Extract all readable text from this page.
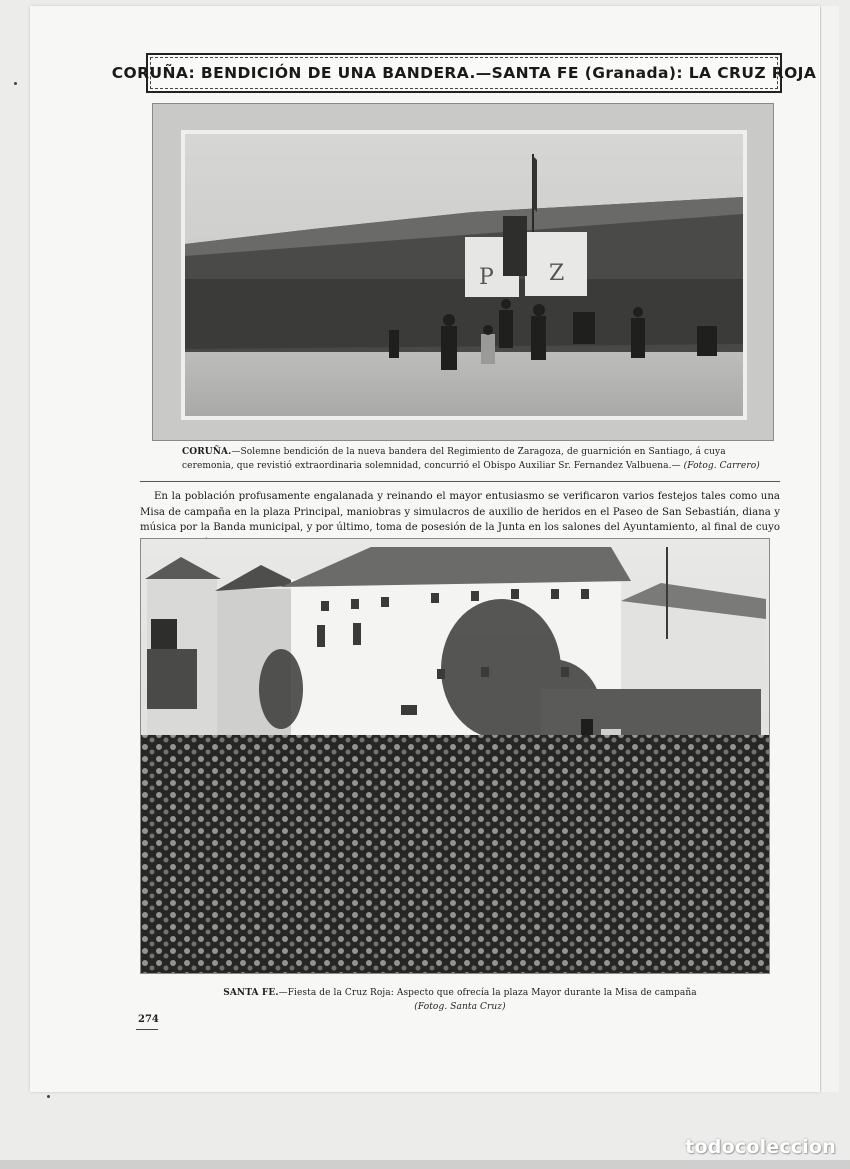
CORUÑA: BENDICIÓN DE UNA BANDERA.—SANTA FE (Granada): LA CRUZ ROJA
P	Z
CORUÑA.—Solemne bendición de la nueva bandera del Regimiento de Zaragoza, de guarnición en Santiago, á cuya
ceremonia, que revistió extraordinaria solemnidad, concurrió el Obispo Auxiliar Sr. Fernandez Valbuena.— (Fotog. Carrero)
En la población profusamente engalanada y reinando el mayor entusiasmo se verificaron varios festejos tales como una Misa de campaña en la plaza Principal, maniobras y simulacros de auxilio de heridos en el Paseo de San Sebastián, diana y música por la Banda municipal, y por último, toma de posesión de la Junta en los salones del Ayuntamiento, al final de cuyo
SANTA FE.—Fiesta de la Cruz Roja: Aspecto que ofrecía la plaza Mayor durante la Misa de campaña
(Fotog. Santa Cruz)
274
todocoleccion
